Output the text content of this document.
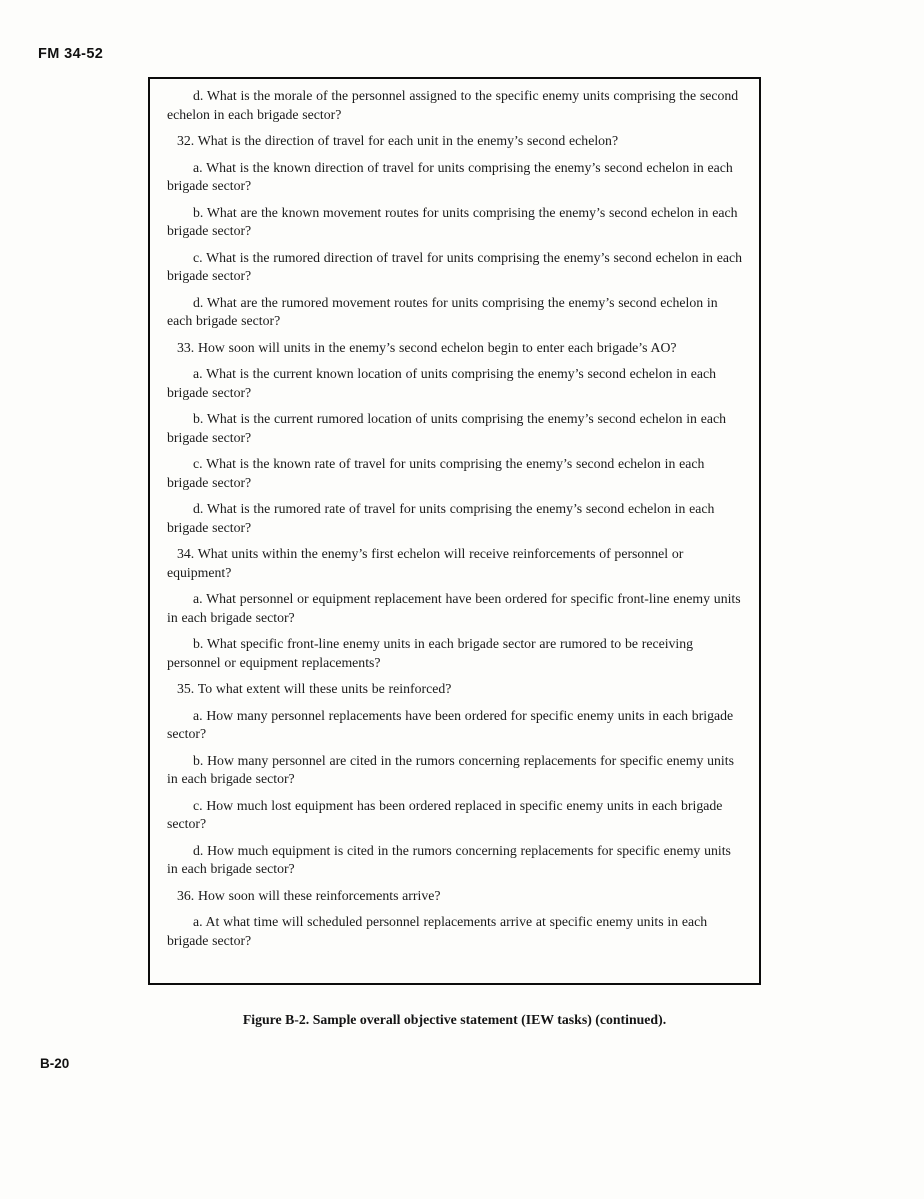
FM 34-52

d. What is the morale of the personnel assigned to the specific enemy units comprising the second echelon in each brigade sector?

32. What is the direction of travel for each unit in the enemy’s second echelon?

a. What is the known direction of travel for units comprising the enemy’s second echelon in each brigade sector?

b. What are the known movement routes for units comprising the enemy’s second echelon in each brigade sector?

c. What is the rumored direction of travel for units comprising the enemy’s second echelon in each brigade sector?

d. What are the rumored movement routes for units comprising the enemy’s second echelon in each brigade sector?

33. How soon will units in the enemy’s second echelon begin to enter each brigade’s AO?

a. What is the current known location of units comprising the enemy’s second echelon in each brigade sector?

b. What is the current rumored location of units comprising the enemy’s second echelon in each brigade sector?

c. What is the known rate of travel for units comprising the enemy’s second echelon in each brigade sector?

d. What is the rumored rate of travel for units comprising the enemy’s second echelon in each brigade sector?

34. What units within the enemy’s first echelon will receive reinforcements of personnel or equipment?

a. What personnel or equipment replacement have been ordered for specific front-line enemy units in each brigade sector?

b. What specific front-line enemy units in each brigade sector are rumored to be receiving personnel or equipment replacements?

35. To what extent will these units be reinforced?

a. How many personnel replacements have been ordered for specific enemy units in each brigade sector?

b. How many personnel are cited in the rumors concerning replacements for specific enemy units in each brigade sector?

c. How much lost equipment has been ordered replaced in specific enemy units in each brigade sector?

d. How much equipment is cited in the rumors concerning replacements for specific enemy units in each brigade sector?

36. How soon will these reinforcements arrive?

a. At what time will scheduled personnel replacements arrive at specific enemy units in each brigade sector?

Figure B-2. Sample overall objective statement (IEW tasks) (continued).
B-20
